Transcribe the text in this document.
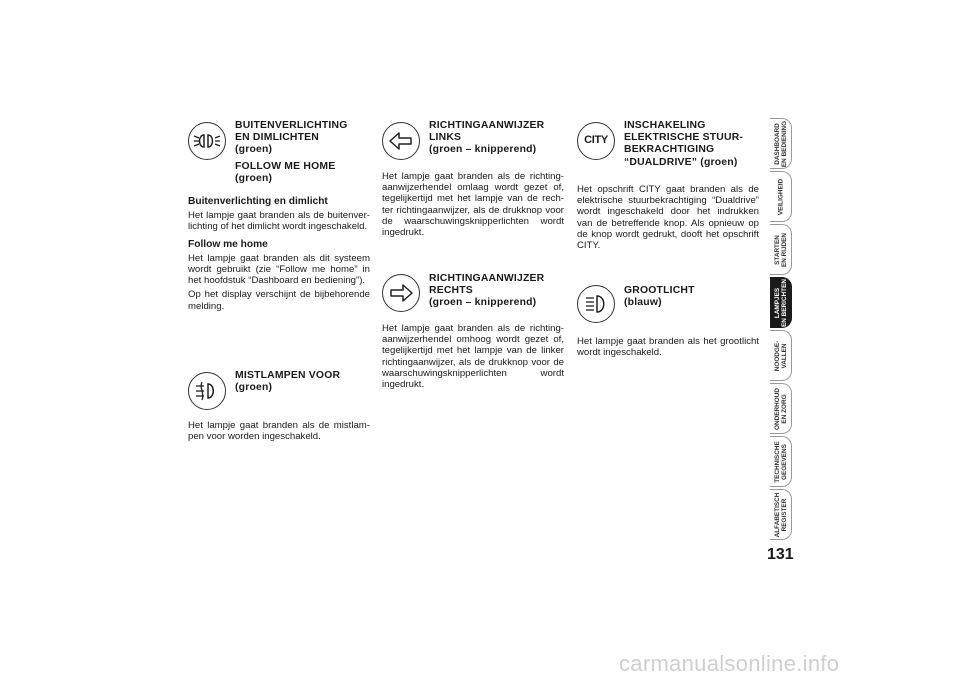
BUITENVERLICHTING
EN DIMLICHTEN
(groen)
FOLLOW ME HOME
(groen)

Buitenverlichting en dimlicht

Het lampje gaat branden als de buitenver-lichting of het dimlicht wordt ingeschakeld.

Follow me home

Het lampje gaat branden als dit systeem wordt gebruikt (zie “Follow me home” in het hoofdstuk “Dashboard en bediening”).

Op het display verschijnt de bijbehorende melding.

MISTLAMPEN VOOR
(groen)

Het lampje gaat branden als de mistlam-pen voor worden ingeschakeld.

RICHTINGAANWIJZER
LINKS
(groen – knipperend)

Het lampje gaat branden als de richting-aanwijzerhendel omlaag wordt gezet of, tegelijkertijd met het lampje van de rech-ter richtingaanwijzer, als de drukknop voor de waarschuwingsknipperlichten wordt ingedrukt.

RICHTINGAANWIJZER
RECHTS
(groen – knipperend)

Het lampje gaat branden als de richting-aanwijzerhendel omhoog wordt gezet of, tegelijkertijd met het lampje van de linker richtingaanwijzer, als de drukknop voor de waarschuwingsknipperlichten wordt ingedrukt.

CITY
INSCHAKELING
ELEKTRISCHE STUUR-
BEKRACHTIGING
“DUALDRIVE” (groen)

Het opschrift CITY gaat branden als de elektrische stuurbekrachtiging “Dualdrive” wordt ingeschakeld door het indrukken van de betreffende knop. Als opnieuw op de knop wordt gedrukt, dooft het opschrift CITY.

GROOTLICHT
(blauw)

Het lampje gaat branden als het grootlicht wordt ingeschakeld.

DASHBOARD
EN BEDIENING
VEILIGHEID
STARTEN
EN RIJDEN
LAMPJES
EN BERICHTEN
NOODGE-
VALLEN
ONDERHOUD
EN ZORG
TECHNISCHE
GEGEVENS
ALFABETISCH
REGISTER
131
carmanualsonline.info
